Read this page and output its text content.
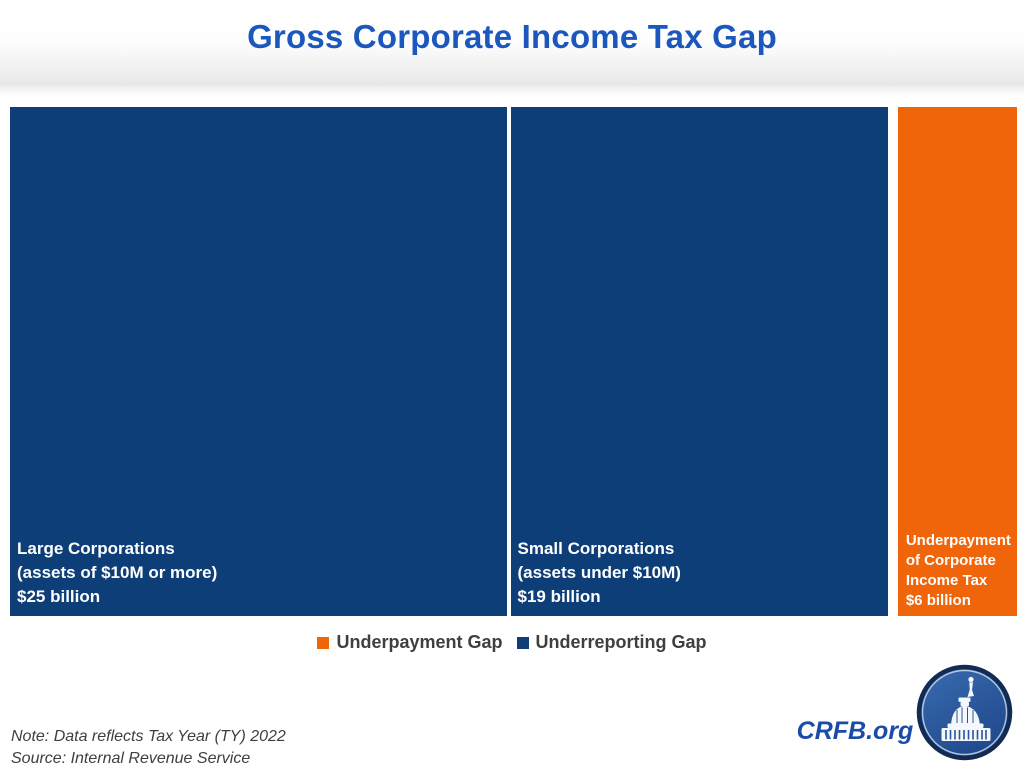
Gross Corporate Income Tax Gap
Large Corporations
(assets of $10M or more)
$25 billion
Small Corporations
(assets under $10M)
$19 billion
Underpayment
of Corporate
Income Tax
$6 billion
Underpayment Gap Underreporting Gap
Note: Data reflects Tax Year (TY) 2022
Source: Internal Revenue Service
CRFB.org
